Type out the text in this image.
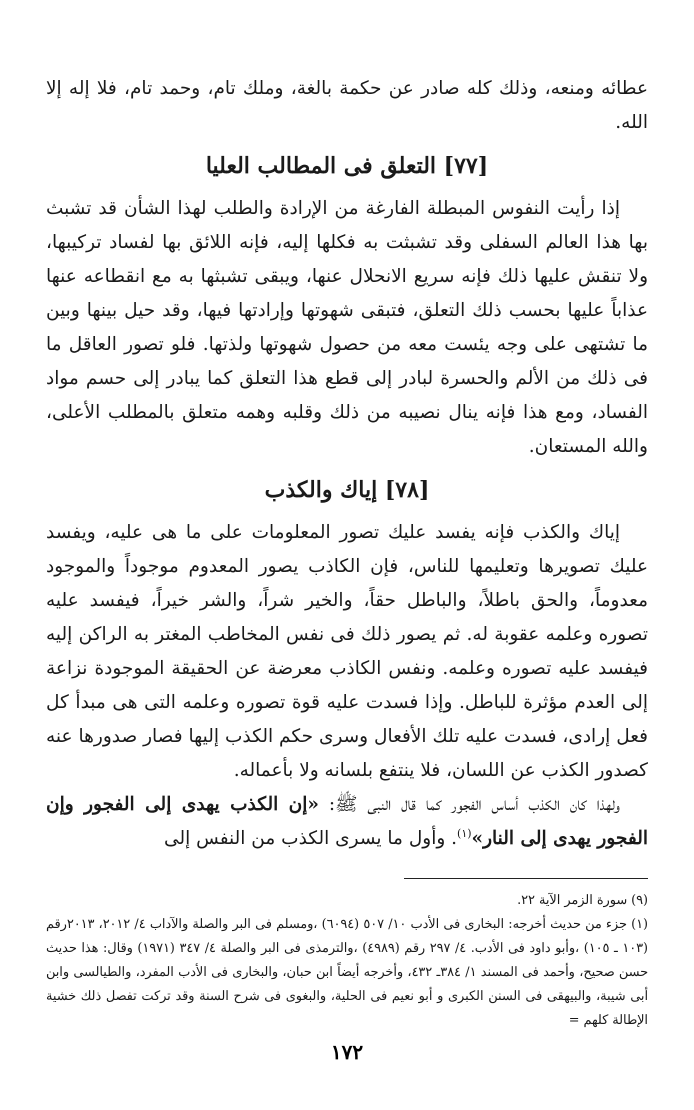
عطائه ومنعه، وذلك كله صادر عن حكمة بالغة، وملك تام، وحمد تام، فلا إله إلا الله.

[٧٧] التعلق فى المطالب العليا

إذا رأيت النفوس المبطلة الفارغة من الإرادة والطلب لهذا الشأن قد تشبث بها هذا العالم السفلى وقد تشبثت به فكلها إليه، فإنه اللائق بها لفساد تركيبها، ولا تنقش عليها ذلك فإنه سريع الانحلال عنها، ويبقى تشبثها به مع انقطاعه عنها عذاباً عليها بحسب ذلك التعلق، فتبقى شهوتها وإرادتها فيها، وقد حيل بينها وبين ما تشتهى على وجه يئست معه من حصول شهوتها ولذتها. فلو تصور العاقل ما فى ذلك من الألم والحسرة لبادر إلى قطع هذا التعلق كما يبادر إلى حسم مواد الفساد، ومع هذا فإنه ينال نصيبه من ذلك وقلبه وهمه متعلق بالمطلب الأعلى، والله المستعان.

[٧٨] إياك والكذب

إياك والكذب فإنه يفسد عليك تصور المعلومات على ما هى عليه، ويفسد عليك تصويرها وتعليمها للناس، فإن الكاذب يصور المعدوم موجوداً والموجود معدوماً، والحق باطلاً، والباطل حقاً، والخير شراً، والشر خيراً، فيفسد عليه تصوره وعلمه عقوبة له. ثم يصور ذلك فى نفس المخاطب المغتر به الراكن إليه فيفسد عليه تصوره وعلمه. ونفس الكاذب معرضة عن الحقيقة الموجودة نزاعة إلى العدم مؤثرة للباطل. وإذا فسدت عليه قوة تصوره وعلمه التى هى مبدأ كل فعل إرادى، فسدت عليه تلك الأفعال وسرى حكم الكذب إليها فصار صدورها عنه كصدور الكذب عن اللسان، فلا ينتفع بلسانه ولا بأعماله.

ولهذا كان الكذب أساس الفجور كما قال النبى ﷺ: «إن الكذب يهدى إلى الفجور وإن الفجور يهدى إلى النار»$^{(١)}$. وأول ما يسرى الكذب من النفس إلى

(٩) سورة الزمر الآية ٢٢.

(١) جزء من حديث أخرجه: البخارى فى الأدب ١٠/ ٥٠٧ (٦٠٩٤) ،ومسلم فى البر والصلة والآداب ٤/ ٢٠١٢، ٢٠١٣رقم (١٠٣ ـ ١٠٥) ،وأبو داود فى الأدب. ٤/ ٢٩٧ رقم (٤٩٨٩) ،والترمذى فى البر والصلة ٤/ ٣٤٧ (١٩٧١) وقال: هذا حديث حسن صحيح، وأحمد فى المسند ١/ ٣٨٤ـ ٤٣٢، وأخرجه أيضاً ابن حبان، والبخارى فى الأدب المفرد، والطيالسى وابن أبى شيبة، والبيهقى فى السنن الكبرى و أبو نعيم فى الحلية، والبغوى فى شرح السنة وقد تركت تفصل ذلك خشية الإطالة كلهم =

١٧٢
